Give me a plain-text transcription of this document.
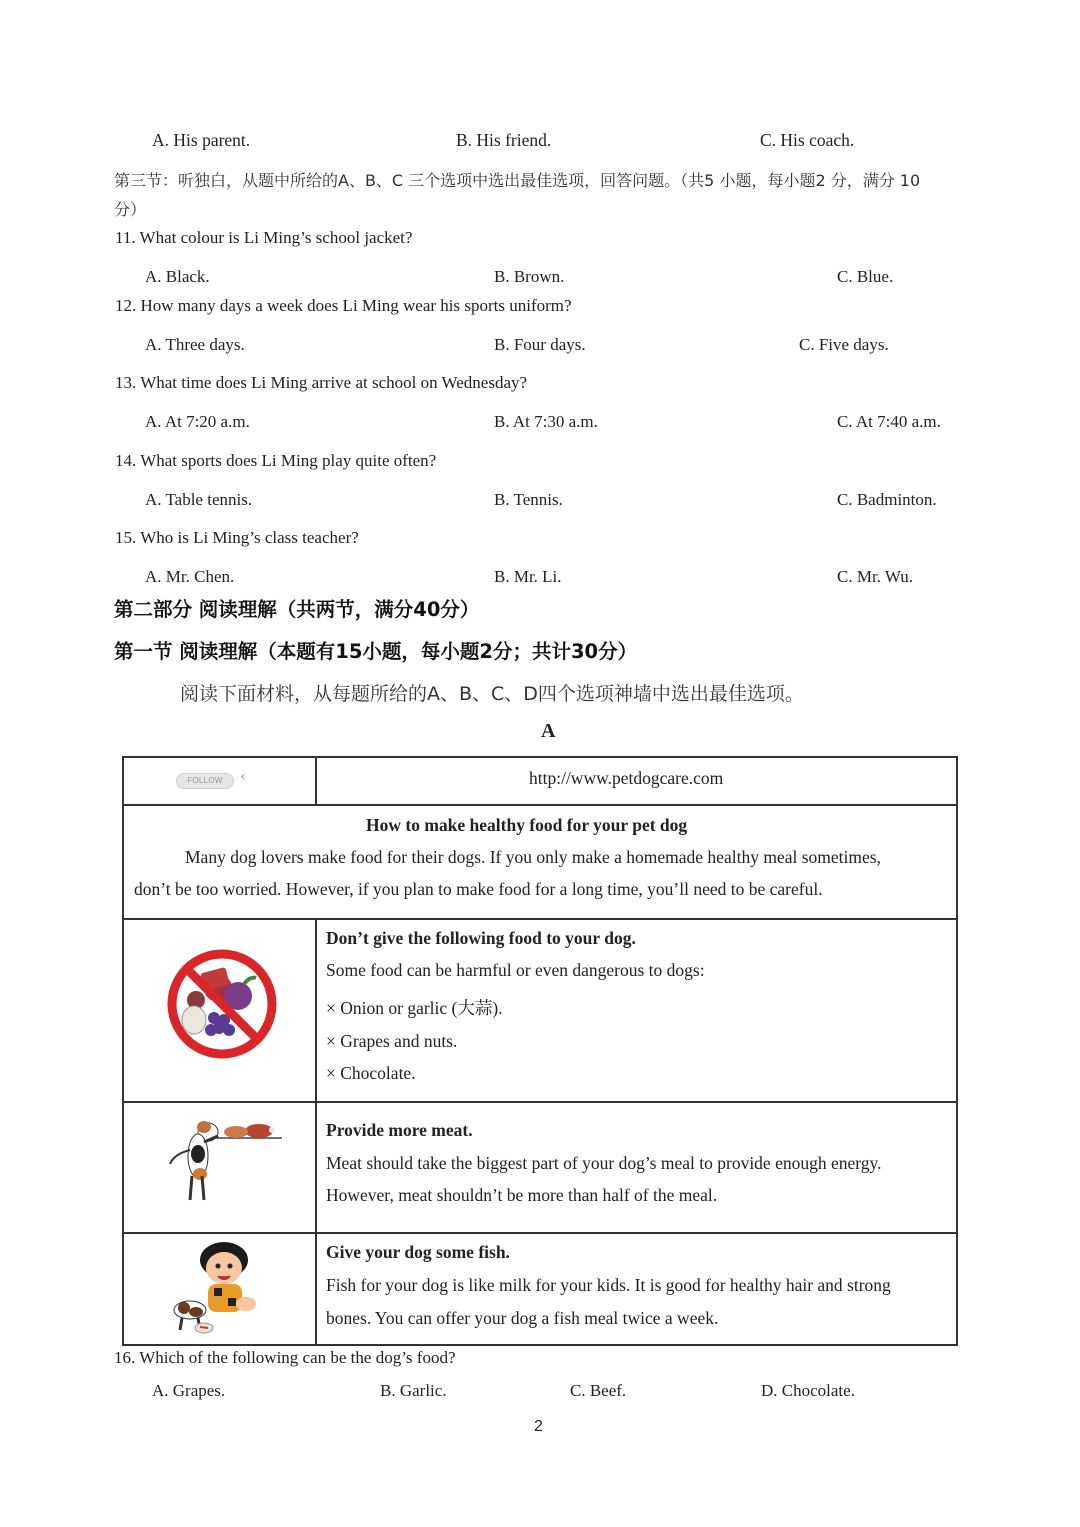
A. His parent.	B. His friend.	C. His coach.
第三节：听独白，从题中所给的A、B、C 三个选项中选出最佳选项，回答问题。（共5 小题，每小题2 分，满分 10
分）
11. What colour is Li Ming’s school jacket?
A. Black.	B. Brown.	C. Blue.
12. How many days a week does Li Ming wear his sports uniform?
A. Three days.	B. Four days.	C. Five days.
13. What time does Li Ming arrive at school on Wednesday?
A. At 7:20 a.m.	B. At 7:30 a.m.	C. At 7:40 a.m.
14. What sports does Li Ming play quite often?
A. Table tennis.	B. Tennis.	C. Badminton.
15. Who is Li Ming’s class teacher?
A. Mr. Chen.	B. Mr. Li.	C. Mr. Wu.
第二部分 阅读理解（共两节，满分40分）
第一节 阅读理解（本题有15小题，每小题2分；共计30分）
阅读下面材料，从每题所给的A、B、C、D四个选项神墙中选出最佳选项。
A
FOLLOW	‹	http://www.petdogcare.com
How to make healthy food for your pet dog
Many dog lovers make food for their dogs. If you only make a homemade healthy meal sometimes,
don’t be too worried. However, if you plan to make food for a long time, you’ll need to be careful.
Don’t give the following food to your dog.
Some food can be harmful or even dangerous to dogs:
× Onion or garlic (大蒜).
× Grapes and nuts.
× Chocolate.
Provide more meat.
Meat should take the biggest part of your dog’s meal to provide enough energy.
However, meat shouldn’t be more than half of the meal.
Give your dog some fish.
Fish for your dog is like milk for your kids. It is good for healthy hair and strong
bones. You can offer your dog a fish meal twice a week.
16. Which of the following can be the dog’s food?
A. Grapes.	B. Garlic.	C. Beef.	D. Chocolate.
2
